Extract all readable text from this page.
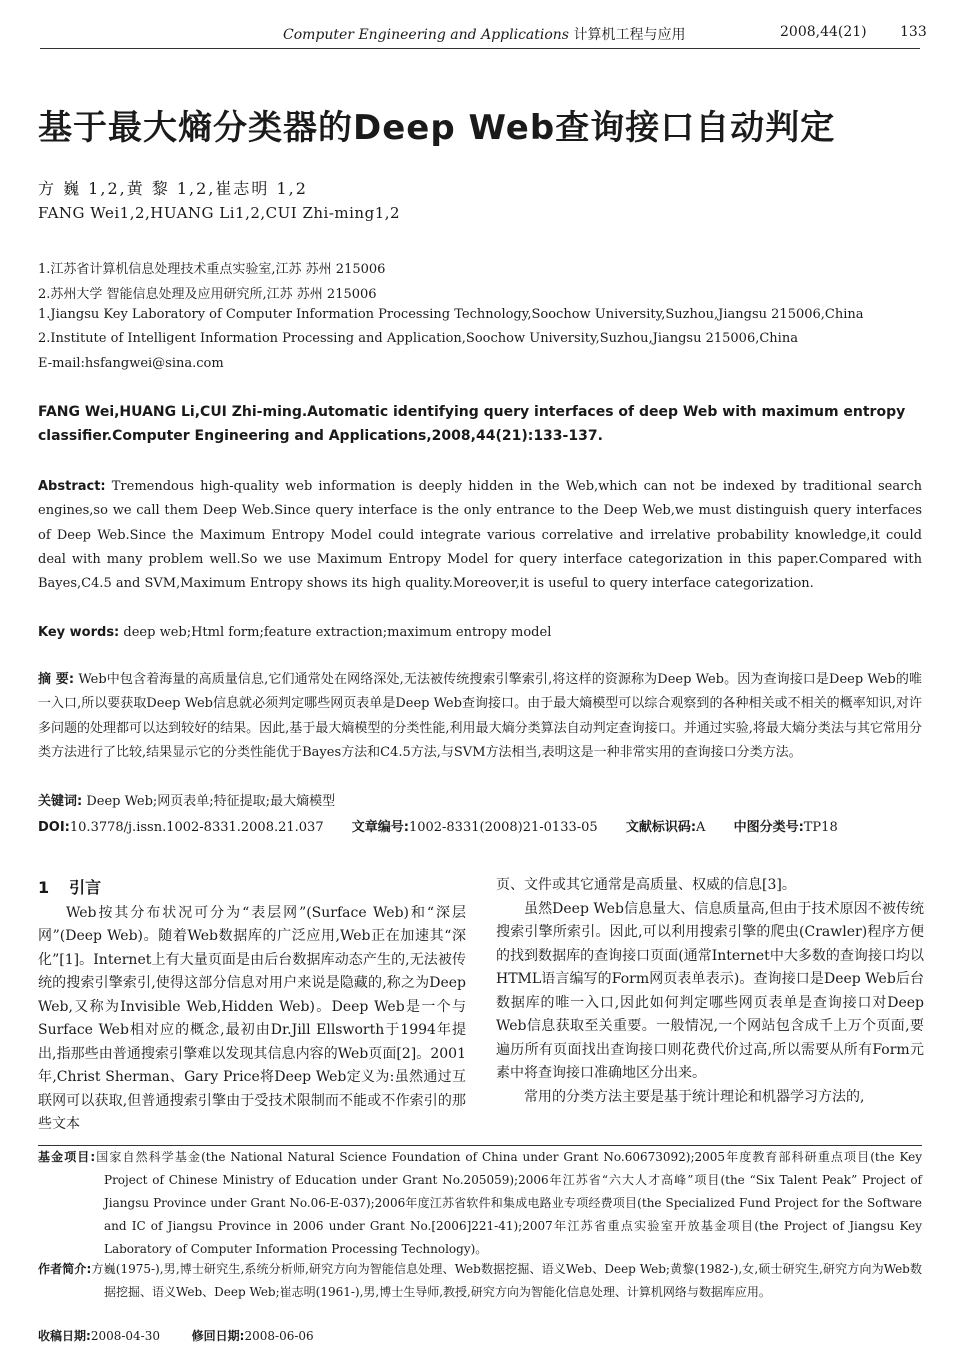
Computer Engineering and Applications 计算机工程与应用	2008,44(21) 133
基于最大熵分类器的Deep Web查询接口自动判定
方 巍 1,2,黄 黎 1,2,崔志明 1,2
FANG Wei1,2,HUANG Li1,2,CUI Zhi-ming1,2
1.江苏省计算机信息处理技术重点实验室,江苏 苏州 215006
2.苏州大学 智能信息处理及应用研究所,江苏 苏州 215006
1.Jiangsu Key Laboratory of Computer Information Processing Technology,Soochow University,Suzhou,Jiangsu 215006,China
2.Institute of Intelligent Information Processing and Application,Soochow University,Suzhou,Jiangsu 215006,China
E-mail:hsfangwei@sina.com
FANG Wei,HUANG Li,CUI Zhi-ming.Automatic identifying query interfaces of deep Web with maximum entropy classifier.Computer Engineering and Applications,2008,44(21):133-137.
Abstract: Tremendous high-quality web information is deeply hidden in the Web,which can not be indexed by traditional search engines,so we call them Deep Web.Since query interface is the only entrance to the Deep Web,we must distinguish query interfaces of Deep Web.Since the Maximum Entropy Model could integrate various correlative and irrelative probability knowledge,it could deal with many problem well.So we use Maximum Entropy Model for query interface categorization in this paper.Compared with Bayes,C4.5 and SVM,Maximum Entropy shows its high quality.Moreover,it is useful to query interface categorization.
Key words: deep web;Html form;feature extraction;maximum entropy model
摘 要: Web中包含着海量的高质量信息,它们通常处在网络深处,无法被传统搜索引擎索引,将这样的资源称为Deep Web。因为查询接口是Deep Web的唯一入口,所以要获取Deep Web信息就必须判定哪些网页表单是Deep Web查询接口。由于最大熵模型可以综合观察到的各种相关或不相关的概率知识,对许多问题的处理都可以达到较好的结果。因此,基于最大熵模型的分类性能,利用最大熵分类算法自动判定查询接口。并通过实验,将最大熵分类法与其它常用分类方法进行了比较,结果显示它的分类性能优于Bayes方法和C4.5方法,与SVM方法相当,表明这是一种非常实用的查询接口分类方法。
关键词: Deep Web;网页表单;特征提取;最大熵模型
DOI:10.3778/j.issn.1002-8331.2008.21.037 文章编号:1002-8331(2008)21-0133-05 文献标识码:A 中图分类号:TP18
1 引言

Web按其分布状况可分为“表层网”(Surface Web)和“深层网”(Deep Web)。随着Web数据库的广泛应用,Web正在加速其“深化”[1]。Internet上有大量页面是由后台数据库动态产生的,无法被传统的搜索引擎索引,使得这部分信息对用户来说是隐藏的,称之为Deep Web,又称为Invisible Web,Hidden Web)。Deep Web是一个与Surface Web相对应的概念,最初由Dr.Jill Ellsworth于1994年提出,指那些由普通搜索引擎难以发现其信息内容的Web页面[2]。2001年,Christ Sherman、Gary Price将Deep Web定义为:虽然通过互联网可以获取,但普通搜索引擎由于受技术限制而不能或不作索引的那些文本

页、文件或其它通常是高质量、权威的信息[3]。

虽然Deep Web信息量大、信息质量高,但由于技术原因不被传统搜索引擎所索引。因此,可以利用搜索引擎的爬虫(Crawler)程序方便的找到数据库的查询接口页面(通常Internet中大多数的查询接口均以HTML语言编写的Form网页表单表示)。查询接口是Deep Web后台数据库的唯一入口,因此如何判定哪些网页表单是查询接口对Deep Web信息获取至关重要。一般情况,一个网站包含成千上万个页面,要遍历所有页面找出查询接口则花费代价过高,所以需要从所有Form元素中将查询接口准确地区分出来。

常用的分类方法主要是基于统计理论和机器学习方法的,

基金项目:国家自然科学基金(the National Natural Science Foundation of China under Grant No.60673092);2005年度教育部科研重点项目(the Key Project of Chinese Ministry of Education under Grant No.205059);2006年江苏省“六大人才高峰”项目(the “Six Talent Peak” Project of Jiangsu Province under Grant No.06-E-037);2006年度江苏省软件和集成电路业专项经费项目(the Specialized Fund Project for the Software and IC of Jiangsu Province in 2006 under Grant No.[2006]221-41);2007年江苏省重点实验室开放基金项目(the Project of Jiangsu Key Laboratory of Computer Information Processing Technology)。
作者简介:方巍(1975-),男,博士研究生,系统分析师,研究方向为智能信息处理、Web数据挖掘、语义Web、Deep Web;黄黎(1982-),女,硕士研究生,研究方向为Web数据挖掘、语义Web、Deep Web;崔志明(1961-),男,博士生导师,教授,研究方向为智能化信息处理、计算机网络与数据库应用。
收稿日期:2008-04-30	修回日期:2008-06-06
